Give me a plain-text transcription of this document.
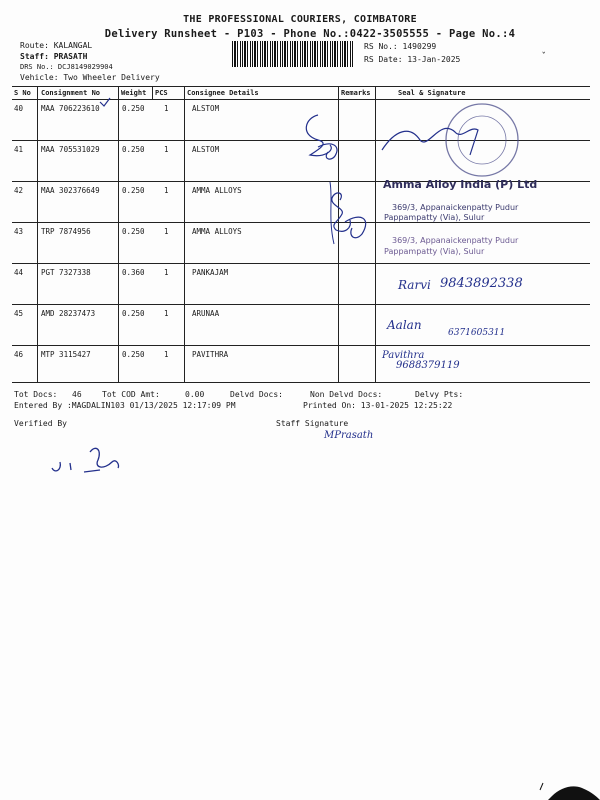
THE PROFESSIONAL COURIERS, COIMBATORE
Delivery Runsheet - P103 - Phone No.:0422-3505555 - Page No.:4
Route: KALANGAL
Staff: PRASATH
DRS No.: DCJ8149029904
Vehicle: Two Wheeler Delivery
RS No.: 1490299
RS Date: 13-Jan-2025	ˇ
S No Consignment No	Weight PCS	Consignee Details	Remarks	Seal & Signature
40 MAA 706223610	0.250	1	ALSTOM
41 MAA 705531029	0.250	1	ALSTOM
42 MAA 302376649	0.250	1	AMMA ALLOYS
43 TRP 7874956	0.250	1	AMMA ALLOYS
44 PGT 7327338	0.360	1	PANKAJAM
45 AMD 28237473	0.250	1	ARUNAA
46 MTP 3115427	0.250	1	PAVITHRA
Tot Docs: 46	Tot COD Amt:	0.00	Delvd Docs:	Non Delvd Docs:	Delvy Pts:
Entered By :MAGDALIN103 01/13/2025 12:17:09 PM	Printed On: 13-01-2025 12:25:22
Verified By	Staff Signature
Amma Alloy India (P) Ltd
369/3, Appanaickenpatty Pudur
Pappampatty (Via), Sulur
369/3, Appanaickenpatty Pudur
Pappampatty (Via), Sulur
Rarvi 9843892338
Aalan
6371605311
Pavithra
9688379119
MPrasath
